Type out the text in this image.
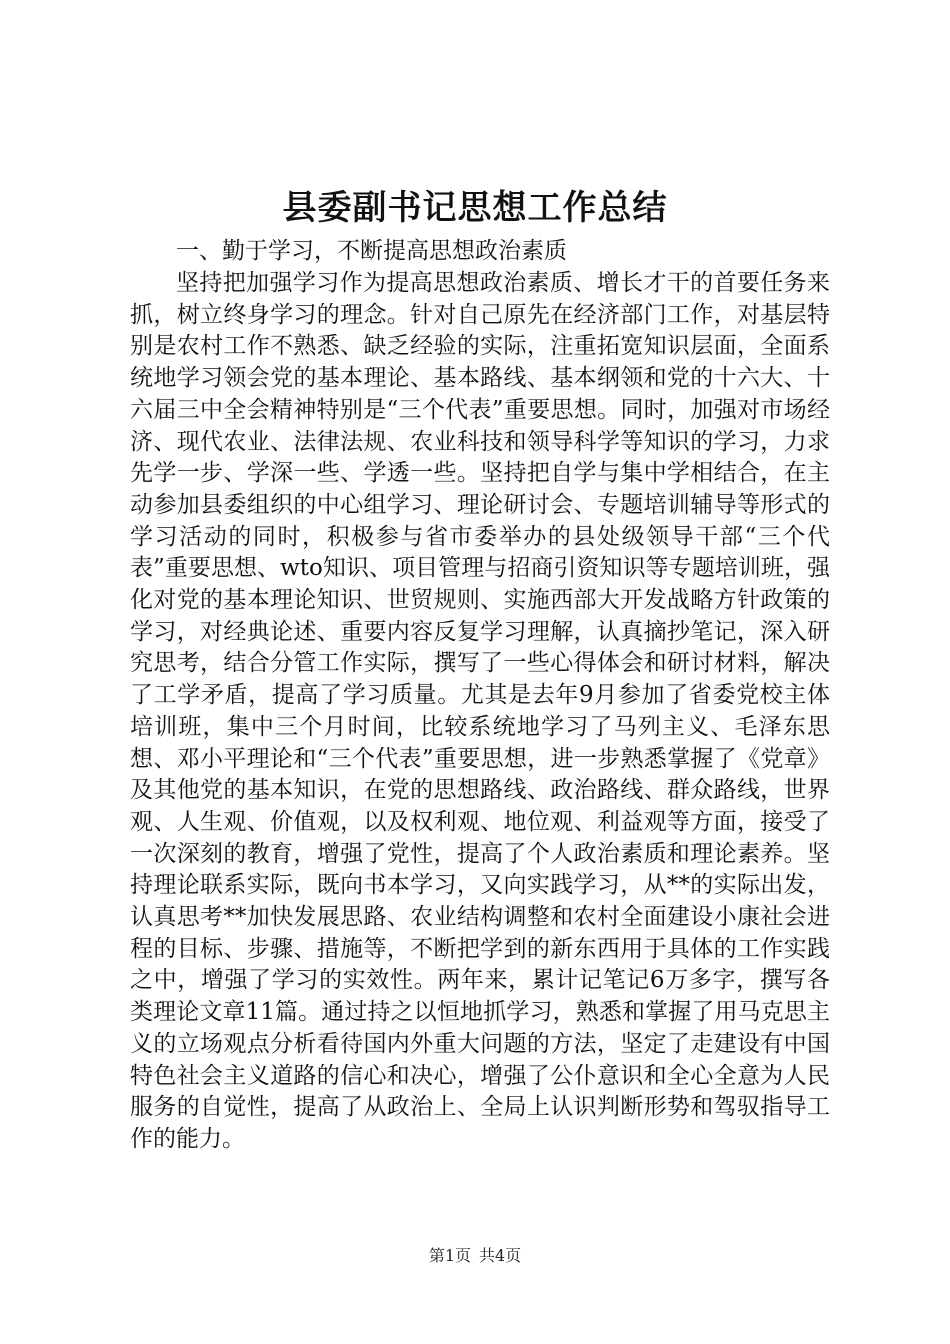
县委副书记思想工作总结

一、勤于学习，不断提高思想政治素质

坚持把加强学习作为提高思想政治素质、增长才干的首要任务来抓，树立终身学习的理念。针对自己原先在经济部门工作，对基层特别是农村工作不熟悉、缺乏经验的实际，注重拓宽知识层面，全面系统地学习领会党的基本理论、基本路线、基本纲领和党的十六大、十六届三中全会精神特别是“三个代表”重要思想。同时，加强对市场经济、现代农业、法律法规、农业科技和领导科学等知识的学习，力求先学一步、学深一些、学透一些。坚持把自学与集中学相结合，在主动参加县委组织的中心组学习、理论研讨会、专题培训辅导等形式的学习活动的同时，积极参与省市委举办的县处级领导干部“三个代表”重要思想、wto知识、项目管理与招商引资知识等专题培训班，强化对党的基本理论知识、世贸规则、实施西部大开发战略方针政策的学习，对经典论述、重要内容反复学习理解，认真摘抄笔记，深入研究思考，结合分管工作实际，撰写了一些心得体会和研讨材料，解决了工学矛盾，提高了学习质量。尤其是去年9月参加了省委党校主体培训班，集中三个月时间，比较系统地学习了马列主义、毛泽东思想、邓小平理论和“三个代表”重要思想，进一步熟悉掌握了《党章》及其他党的基本知识，在党的思想路线、政治路线、群众路线，世界观、人生观、价值观，以及权利观、地位观、利益观等方面，接受了一次深刻的教育，增强了党性，提高了个人政治素质和理论素养。坚持理论联系实际，既向书本学习，又向实践学习，从**的实际出发，认真思考**加快发展思路、农业结构调整和农村全面建设小康社会进程的目标、步骤、措施等，不断把学到的新东西用于具体的工作实践之中，增强了学习的实效性。两年来，累计记笔记6万多字，撰写各类理论文章11篇。通过持之以恒地抓学习，熟悉和掌握了用马克思主义的立场观点分析看待国内外重大问题的方法，坚定了走建设有中国特色社会主义道路的信心和决心，增强了公仆意识和全心全意为人民服务的自觉性，提高了从政治上、全局上认识判断形势和驾驭指导工作的能力。

第1页 共4页
